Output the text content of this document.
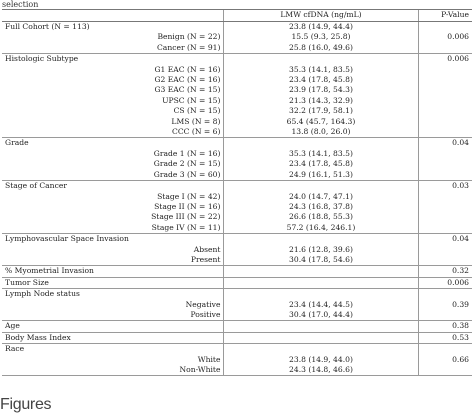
selection
	LMW cfDNA (ng/mL)	P-Value
Full Cohort (N = 113)	23.8 (14.9, 44.4)	
Benign (N = 22)	15.5 (9.3, 25.8)	0.006
Cancer (N = 91)	25.8 (16.0, 49.6)	
Histologic Subtype		0.006
G1 EAC (N = 16)	35.3 (14.1, 83.5)	
G2 EAC (N = 16)	23.4 (17.8, 45.8)	
G3 EAC (N = 15)	23.9 (17.8, 54.3)	
UPSC (N = 15)	21.3 (14.3, 32.9)	
CS (N = 15)	32.2 (17.9, 58.1)	
LMS (N = 8)	65.4 (45.7, 164.3)	
CCC (N = 6)	13.8 (8.0, 26.0)	
Grade		0.04
Grade 1 (N = 16)	35.3 (14.1, 83.5)	
Grade 2 (N = 15)	23.4 (17.8, 45.8)	
Grade 3 (N = 60)	24.9 (16.1, 51.3)	
Stage of Cancer		0.03
Stage I (N = 42)	24.0 (14.7, 47.1)	
Stage II (N = 16)	24.3 (16.8, 37.8)	
Stage III (N = 22)	26.6 (18.8, 55.3)	
Stage IV (N = 11)	57.2 (16.4, 246.1)	
Lymphovascular Space Invasion		0.04
Absent	21.6 (12.8, 39.6)	
Present	30.4 (17.8, 54.6)	
% Myometrial Invasion		0.32
Tumor Size		0.006
Lymph Node status		
Negative	23.4 (14.4, 44.5)	0.39
Positive	30.4 (17.0, 44.4)	
Age		0.38
Body Mass Index		0.53
Race		
White	23.8 (14.9, 44.0)	0.66
Non-White	24.3 (14.8, 46.6)	
Figures
